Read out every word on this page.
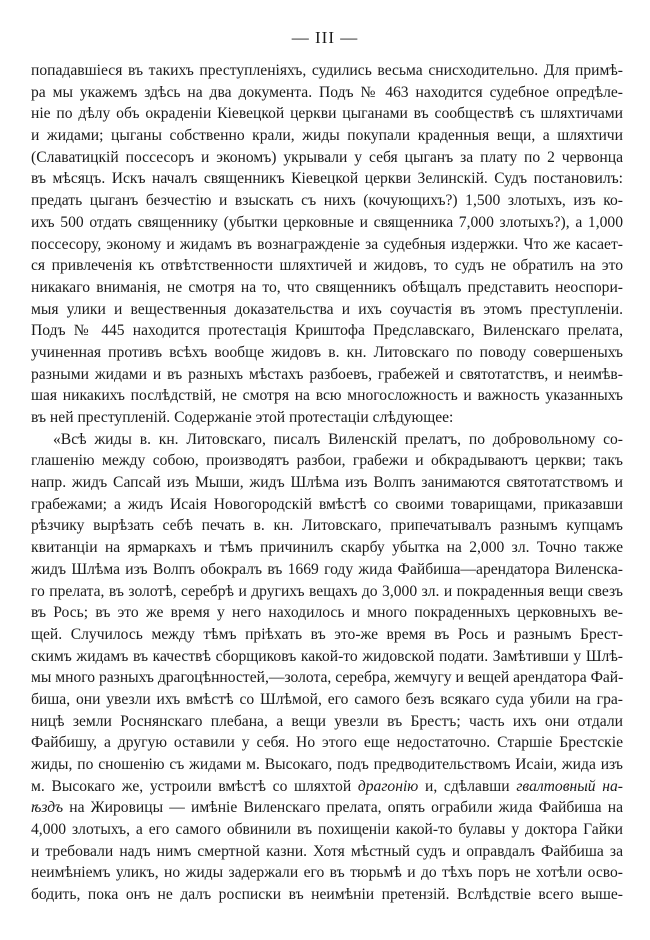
— III —
попадавшіеся въ такихъ преступленіяхъ, судились весьма снисходительно. Для примѣ-
ра мы укажемъ здѣсь на два документа. Подъ № 463 находится судебное опредѣле-
ніе по дѣлу объ окраденіи Кіевецкой церкви цыганами въ сообществѣ съ шляхтичами
и жидами; цыганы собственно крали, жиды покупали краденныя вещи, а шляхтичи
(Славатицкій поссесоръ и экономъ) укрывали у себя цыганъ за плату по 2 червонца
въ мѣсяцъ. Искъ началъ священникъ Кіевецкой церкви Зелинскій. Судъ постановилъ:
предать цыганъ безчестію и взыскать съ нихъ (кочующихъ?) 1,500 злотыхъ, изъ ко-
ихъ 500 отдать священнику (убытки церковные и священника 7,000 злотыхъ?), а 1,000
поссесору, эконому и жидамъ въ вознагражденіе за судебныя издержки. Что же касает-
ся привлеченія къ отвѣтственности шляхтичей и жидовъ, то судъ не обратилъ на это
никакаго вниманія, не смотря на то, что священникъ обѣщалъ представить неоспори-
мыя улики и вещественныя доказательства и ихъ соучастія въ этомъ преступленіи.
Подъ № 445 находится протестація Криштофа Предславскаго, Виленскаго прелата,
учиненная противъ всѣхъ вообще жидовъ в. кн. Литовскаго по поводу совершеныхъ
разными жидами и въ разныхъ мѣстахъ разбоевъ, грабежей и святотатствъ, и неимѣв-
шая никакихъ послѣдствій, не смотря на всю многосложность и важность указанныхъ
въ ней преступленій. Содержаніе этой протестаціи слѣдующее:
«Всѣ жиды в. кн. Литовскаго, писалъ Виленскій прелатъ, по добровольному со-
глашенію между собою, производятъ разбои, грабежи и обкрадываютъ церкви; такъ
напр. жидъ Сапсай изъ Мыши, жидъ Шлѣма изъ Волпъ занимаются святотатствомъ и
грабежами; а жидъ Исаія Новогородскій вмѣстѣ со своими товарищами, приказавши
рѣзчику вырѣзать себѣ печать в. кн. Литовскаго, припечатывалъ разнымъ купцамъ
квитанціи на ярмаркахъ и тѣмъ причинилъ скарбу убытка на 2,000 зл. Точно также
жидъ Шлѣма изъ Волпъ обокралъ въ 1669 году жида Файбиша—арендатора Виленска-
го прелата, въ золотѣ, серебрѣ и другихъ вещахъ до 3,000 зл. и покраденныя вещи свезъ
въ Рось; въ это же время у него находилось и много покраденныхъ церковныхъ ве-
щей. Случилось между тѣмъ пріѣхать въ это-же время въ Рось и разнымъ Брест-
скимъ жидамъ въ качествѣ сборщиковъ какой-то жидовской подати. Замѣтивши у Шлѣ-
мы много разныхъ драгоцѣнностей,—золота, серебра, жемчугу и вещей арендатора Фай-
биша, они увезли ихъ вмѣстѣ со Шлѣмой, его самого безъ всякаго суда убили на гра-
ницѣ земли Роснянскаго плебана, а вещи увезли въ Брестъ; часть ихъ они отдали
Файбишу, а другую оставили у себя. Но этого еще недостаточно. Старшіе Брестскіе
жиды, по сношенію съ жидами м. Высокаго, подъ предводительствомъ Исаіи, жида изъ
м. Высокаго же, устроили вмѣстѣ со шляхтой драгонію и, сдѣлавши гвалтовный на-
ѣздъ на Жировицы — имѣніе Виленскаго прелата, опять ограбили жида Файбиша на
4,000 злотыхъ, а его самого обвинили въ похищеніи какой-то булавы у доктора Гайки
и требовали надъ нимъ смертной казни. Хотя мѣстный судъ и оправдалъ Файбиша за
неимѣніемъ уликъ, но жиды задержали его въ тюрьмѣ и до тѣхъ поръ не хотѣли осво-
бодить, пока онъ не далъ росписки въ неимѣніи претензій. Вслѣдствіе всего выше-
